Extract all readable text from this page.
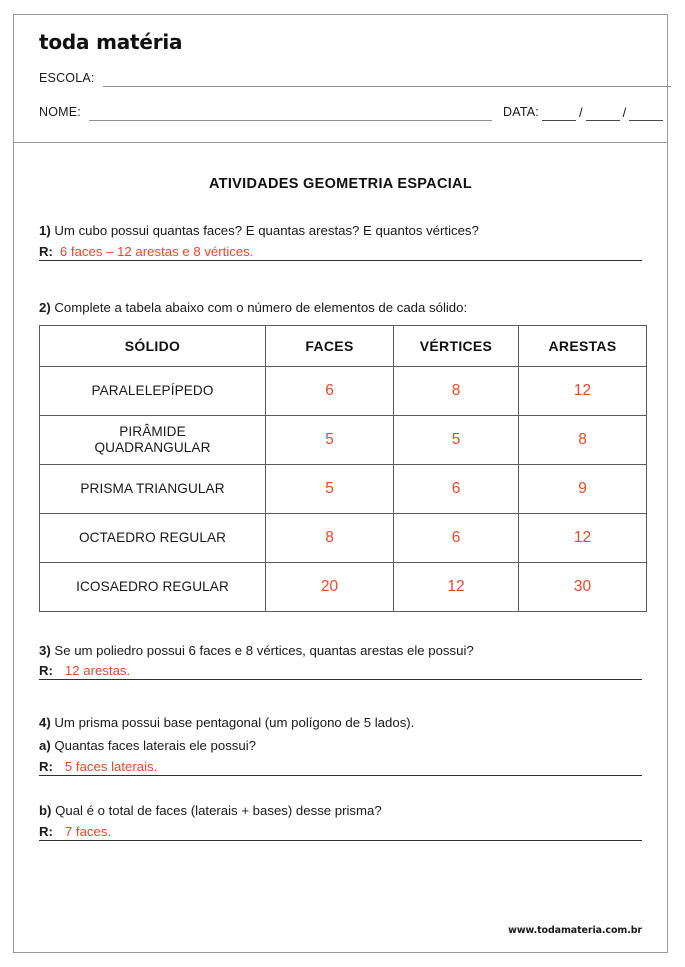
toda matéria
ESCOLA:
NOME:	DATA:	/	/
ATIVIDADES GEOMETRIA ESPACIAL
1) Um cubo possui quantas faces? E quantas arestas? E quantos vértices?
R: 6 faces – 12 arestas e 8 vértices.
2) Complete a tabela abaixo com o número de elementos de cada sólido:
SÓLIDO	FACES	VÉRTICES	ARESTAS
PARALELEPÍPEDO	6	8	12
PIRÂMIDE
QUADRANGULAR	5	5	8
PRISMA TRIANGULAR	5	6	9
OCTAEDRO REGULAR	8	6	12
ICOSAEDRO REGULAR	20	12	30
3) Se um poliedro possui 6 faces e 8 vértices, quantas arestas ele possui?
R: 12 arestas.
4) Um prisma possui base pentagonal (um polígono de 5 lados).
a) Quantas faces laterais ele possui?
R: 5 faces laterais.
b) Qual é o total de faces (laterais + bases) desse prisma?
R: 7 faces.
www.todamateria.com.br
